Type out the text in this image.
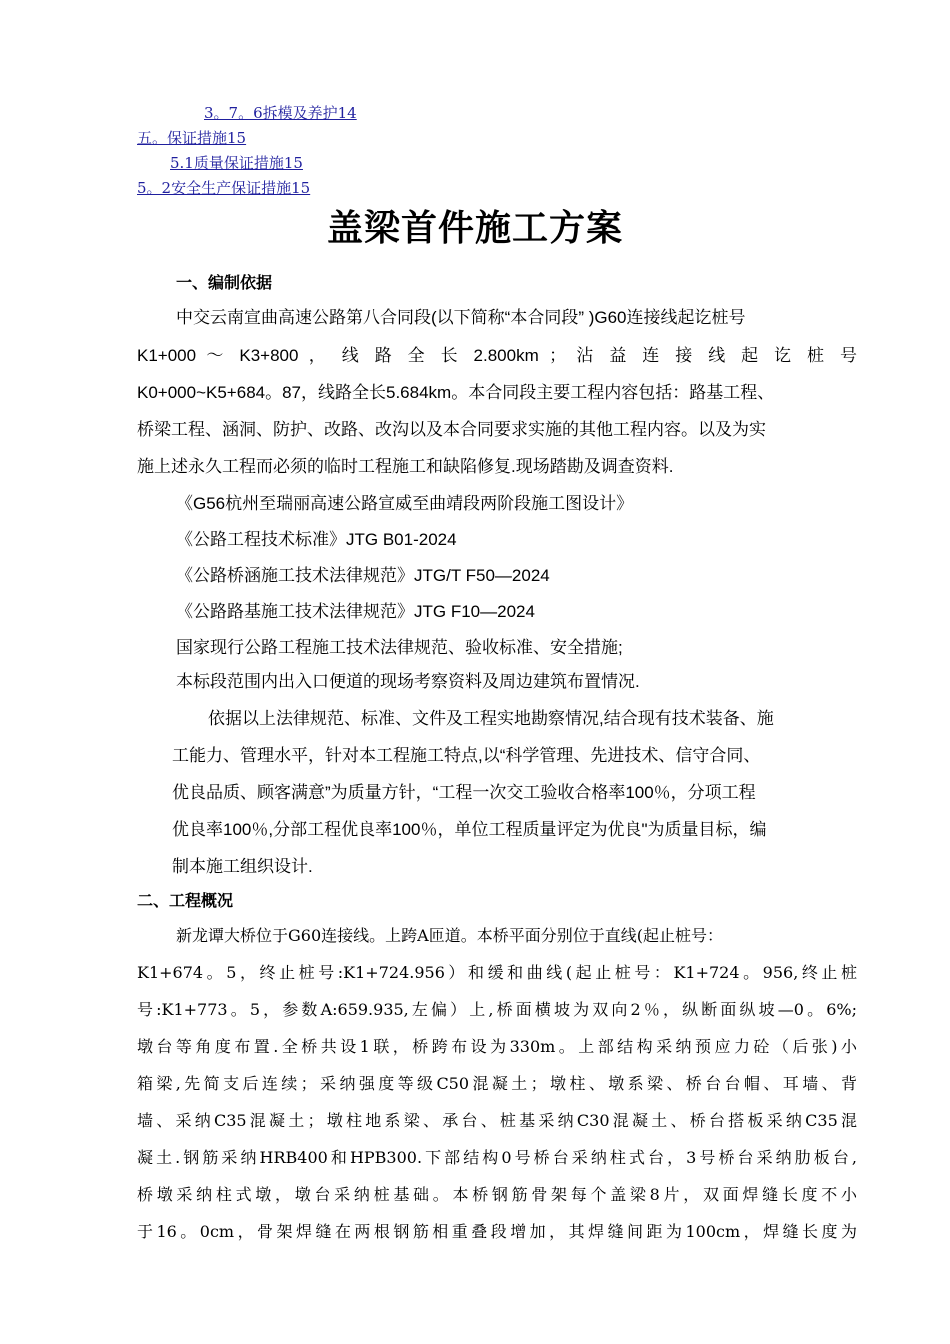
3。7。6拆模及养护14
五。保证措施15
5.1质量保证措施15
5。2安全生产保证措施15
盖梁首件施工方案
一、编制依据
中交云南宣曲高速公路第八合同段(以下简称“本合同段” )G60连接线起讫桩号
K1+000 ～ K3+800 ， 线 路 全 长 2.800km ； 沾 益 连 接 线 起 讫 桩 号
K0+000~K5+684。87，线路全长5.684km。本合同段主要工程内容包括：路基工程、
桥梁工程、涵洞、防护、改路、改沟以及本合同要求实施的其他工程内容。以及为实
施上述永久工程而必须的临时工程施工和缺陷修复.现场踏勘及调查资料.
《G56杭州至瑞丽高速公路宣威至曲靖段两阶段施工图设计》
《公路工程技术标准》JTG B01-2024
《公路桥涵施工技术法律规范》JTG/T F50—2024
《公路路基施工技术法律规范》JTG F10—2024
国家现行公路工程施工技术法律规范、验收标准、安全措施;
本标段范围内出入口便道的现场考察资料及周边建筑布置情况.
依据以上法律规范、标准、文件及工程实地勘察情况,结合现有技术装备、施
工能力、管理水平，针对本工程施工特点,以“科学管理、先进技术、信守合同、
优良品质、顾客满意”为质量方针，“工程一次交工验收合格率100％，分项工程
优良率100％,分部工程优良率100％，单位工程质量评定为优良"为质量目标，编
制本施工组织设计.
二、工程概况
新龙谭大桥位于G60连接线。上跨A匝道。本桥平面分别位于直线(起止桩号：
K1+674。5，终止桩号:K1+724.956）和缓和曲线(起止桩号：K1+724。956,终止桩
号:K1+773。5，参数A:659.935,左偏）上,桥面横坡为双向2％，纵断面纵坡—0。6%;
墩台等角度布置.全桥共设1联，桥跨布设为3᠎30m。上部结构采纳预应力砼（后张)小
箱梁,先简支后连续；采纳强度等级C50混凝土；墩柱、墩系梁、桥台台帽、耳墙、背
墙、采纳C35混凝土；墩柱地系梁、承台、桩基采纳C30混凝土、桥台搭板采纳C35混
凝土.钢筋采纳HRB400和HPB300.下部结构0号桥台采纳柱式台，3号桥台采纳肋板台,
桥墩采纳柱式墩，墩台采纳桩基础。本桥钢筋骨架每个盖梁8片，双面焊缝长度不小
于16。0cm，骨架焊缝在两根钢筋相重叠段增加，其焊缝间距为100cm，焊缝长度为
